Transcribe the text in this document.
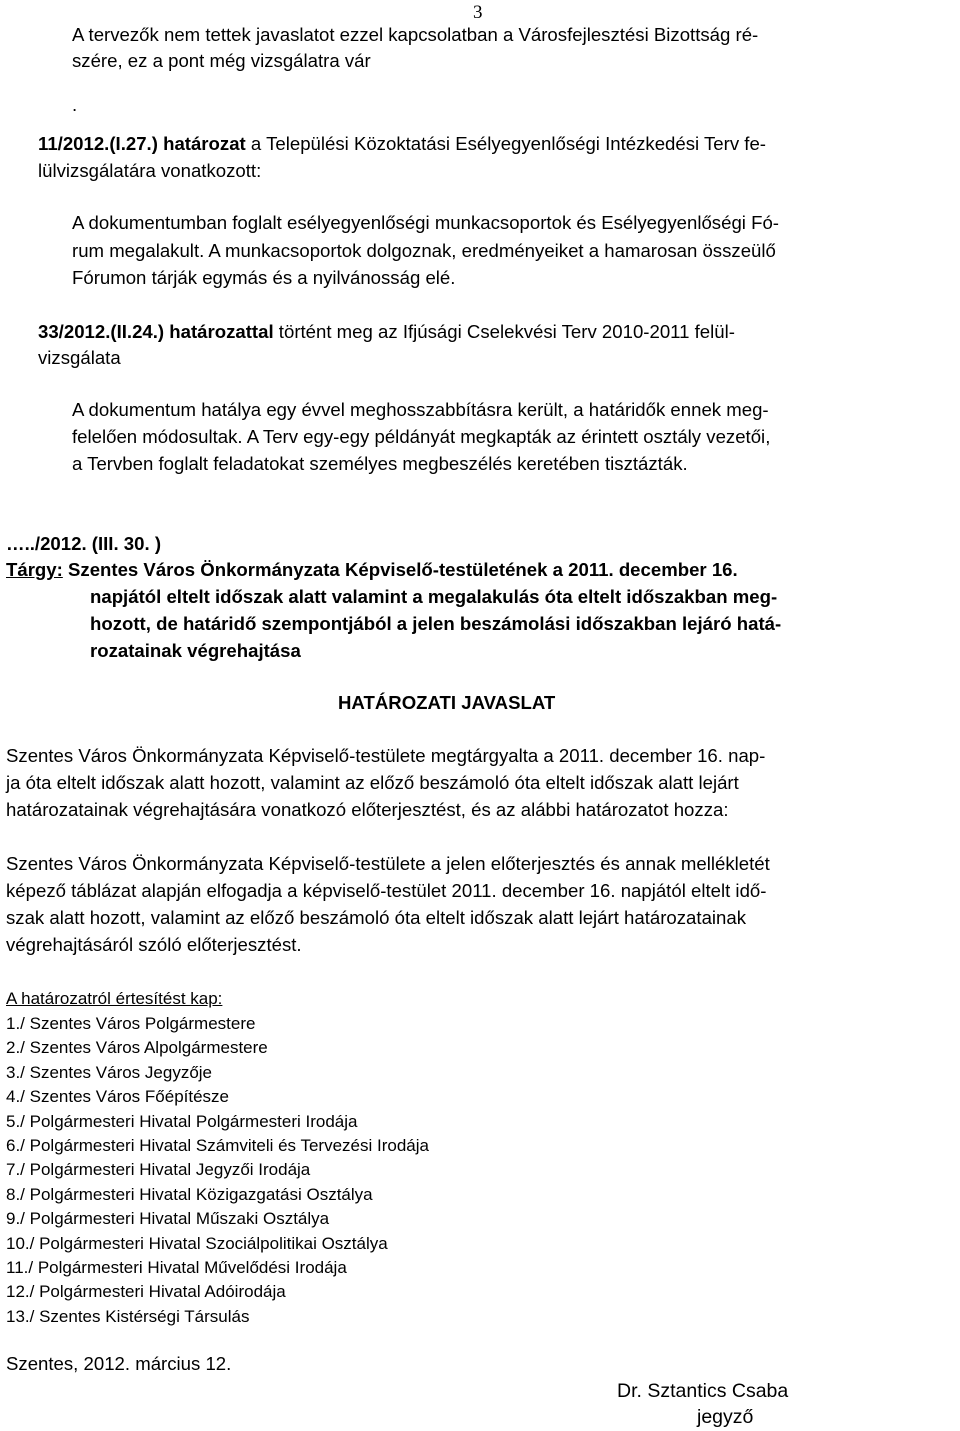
3
A tervezők nem tettek javaslatot ezzel kapcsolatban a Városfejlesztési Bizottság ré-
szére, ez a pont még vizsgálatra vár
.
11/2012.(I.27.) határozat a Települési Közoktatási Esélyegyenlőségi Intézkedési Terv fe-
lülvizsgálatára vonatkozott:
A dokumentumban foglalt esélyegyenlőségi munkacsoportok és Esélyegyenlőségi Fó-
rum megalakult. A munkacsoportok dolgoznak, eredményeiket a hamarosan összeülő
Fórumon tárják egymás és a nyilvánosság elé.
33/2012.(II.24.) határozattal történt meg az Ifjúsági Cselekvési Terv 2010-2011 felül-
vizsgálata
A dokumentum hatálya egy évvel meghosszabbításra került, a határidők ennek meg-
felelően módosultak. A Terv egy-egy példányát megkapták az érintett osztály vezetői,
a Tervben foglalt feladatokat személyes megbeszélés keretében tisztázták.
…../2012. (III. 30. )
Tárgy: Szentes Város Önkormányzata Képviselő-testületének a 2011. december 16.
napjától eltelt időszak alatt valamint a megalakulás óta eltelt időszakban meg-
hozott, de határidő szempontjából a jelen beszámolási időszakban lejáró hatá-
rozatainak végrehajtása
HATÁROZATI JAVASLAT
Szentes Város Önkormányzata Képviselő-testülete megtárgyalta a 2011. december 16. nap-
ja óta eltelt időszak alatt hozott, valamint az előző beszámoló óta eltelt időszak alatt lejárt
határozatainak végrehajtására vonatkozó előterjesztést, és az alábbi határozatot hozza:
Szentes Város Önkormányzata Képviselő-testülete a jelen előterjesztés és annak mellékletét
képező táblázat alapján elfogadja a képviselő-testület 2011. december 16. napjától eltelt idő-
szak alatt hozott, valamint az előző beszámoló óta eltelt időszak alatt lejárt határozatainak
végrehajtásáról szóló előterjesztést.
A határozatról értesítést kap:
1./ Szentes Város Polgármestere
2./ Szentes Város Alpolgármestere
3./ Szentes Város Jegyzője
4./ Szentes Város Főépítésze
5./ Polgármesteri Hivatal Polgármesteri Irodája
6./ Polgármesteri Hivatal Számviteli és Tervezési Irodája
7./ Polgármesteri Hivatal Jegyzői Irodája
8./ Polgármesteri Hivatal Közigazgatási Osztálya
9./ Polgármesteri Hivatal Műszaki Osztálya
10./ Polgármesteri Hivatal Szociálpolitikai Osztálya
11./ Polgármesteri Hivatal Művelődési Irodája
12./ Polgármesteri Hivatal Adóirodája
13./ Szentes Kistérségi Társulás
Szentes, 2012. március 12.
Dr. Sztantics Csaba
jegyző
